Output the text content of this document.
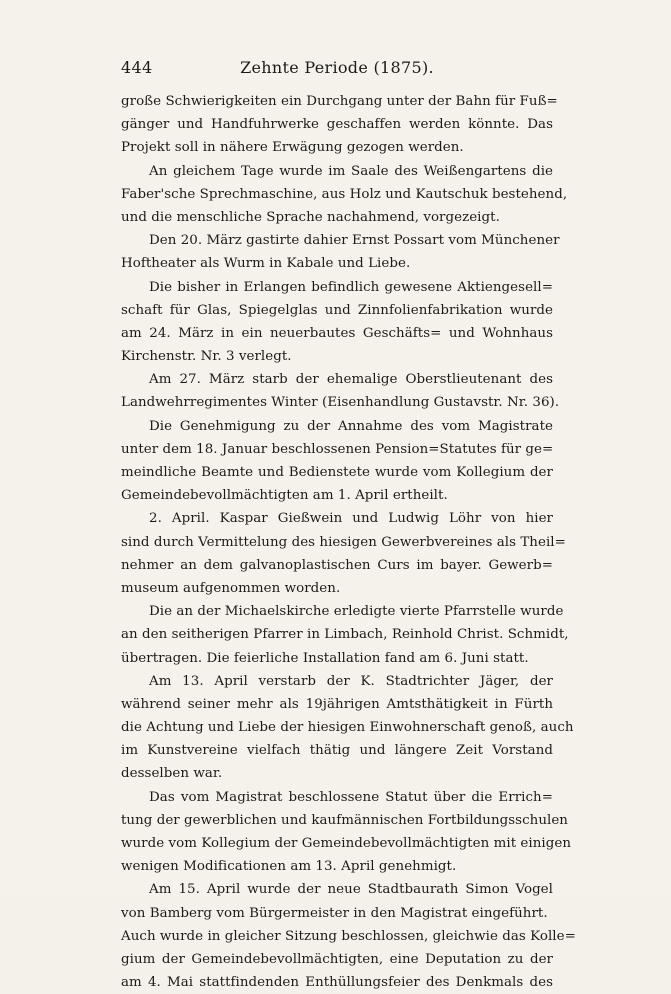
444	Zehnte Periode (1875).
große Schwierigkeiten ein Durchgang unter der Bahn für Fuß=
gänger und Handfuhrwerke geschaffen werden könnte. Das
Projekt soll in nähere Erwägung gezogen werden.
An gleichem Tage wurde im Saale des Weißengartens die
Faber'sche Sprechmaschine, aus Holz und Kautschuk bestehend,
und die menschliche Sprache nachahmend, vorgezeigt.
Den 20. März gastirte dahier Ernst Possart vom Münchener
Hoftheater als Wurm in Kabale und Liebe.
Die bisher in Erlangen befindlich gewesene Aktiengesell=
schaft für Glas, Spiegelglas und Zinnfolienfabrikation wurde
am 24. März in ein neuerbautes Geschäfts= und Wohnhaus
Kirchenstr. Nr. 3 verlegt.
Am 27. März starb der ehemalige Oberstlieutenant des
Landwehrregimentes Winter (Eisenhandlung Gustavstr. Nr. 36).
Die Genehmigung zu der Annahme des vom Magistrate
unter dem 18. Januar beschlossenen Pension=Statutes für ge=
meindliche Beamte und Bedienstete wurde vom Kollegium der
Gemeindebevollmächtigten am 1. April ertheilt.
2. April. Kaspar Gießwein und Ludwig Löhr von hier
sind durch Vermittelung des hiesigen Gewerbvereines als Theil=
nehmer an dem galvanoplastischen Curs im bayer. Gewerb=
museum aufgenommen worden.
Die an der Michaelskirche erledigte vierte Pfarrstelle wurde
an den seitherigen Pfarrer in Limbach, Reinhold Christ. Schmidt,
übertragen. Die feierliche Installation fand am 6. Juni statt.
Am 13. April verstarb der K. Stadtrichter Jäger, der
während seiner mehr als 19jährigen Amtsthätigkeit in Fürth
die Achtung und Liebe der hiesigen Einwohnerschaft genoß, auch
im Kunstvereine vielfach thätig und längere Zeit Vorstand
desselben war.
Das vom Magistrat beschlossene Statut über die Errich=
tung der gewerblichen und kaufmännischen Fortbildungsschulen
wurde vom Kollegium der Gemeindebevollmächtigten mit einigen
wenigen Modificationen am 13. April genehmigt.
Am 15. April wurde der neue Stadtbaurath Simon Vogel
von Bamberg vom Bürgermeister in den Magistrat eingeführt.
Auch wurde in gleicher Sitzung beschlossen, gleichwie das Kolle=
gium der Gemeindebevollmächtigten, eine Deputation zu der
am 4. Mai stattfindenden Enthüllungsfeier des Denkmals des
